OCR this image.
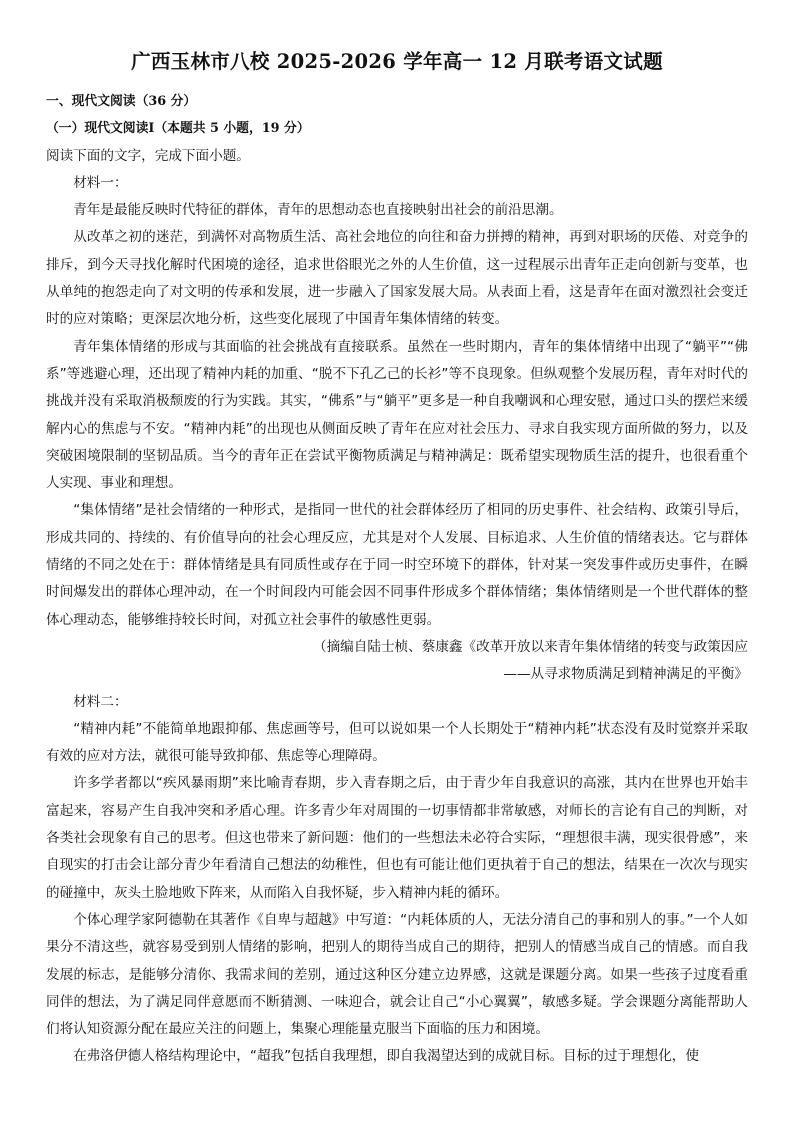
广西玉林市八校 2025-2026 学年高一 12 月联考语文试题
一、现代文阅读（36 分）
（一）现代文阅读Ⅰ（本题共 5 小题，19 分）

阅读下面的文字，完成下面小题。

材料一：

青年是最能反映时代特征的群体，青年的思想动态也直接映射出社会的前沿思潮。

从改革之初的迷茫，到满怀对高物质生活、高社会地位的向往和奋力拼搏的精神，再到对职场的厌倦、对竞争的排斥，到今天寻找化解时代困境的途径，追求世俗眼光之外的人生价值，这一过程展示出青年正走向创新与变革，也从单纯的抱怨走向了对文明的传承和发展，进一步融入了国家发展大局。从表面上看，这是青年在面对激烈社会变迁时的应对策略；更深层次地分析，这些变化展现了中国青年集体情绪的转变。

青年集体情绪的形成与其面临的社会挑战有直接联系。虽然在一些时期内，青年的集体情绪中出现了“躺平”“佛系”等逃避心理，还出现了精神内耗的加重、“脱不下孔乙己的长衫”等不良现象。但纵观整个发展历程，青年对时代的挑战并没有采取消极颓废的行为实践。其实，“佛系”与“躺平”更多是一种自我嘲讽和心理安慰，通过口头的摆烂来缓解内心的焦虑与不安。“精神内耗”的出现也从侧面反映了青年在应对社会压力、寻求自我实现方面所做的努力，以及突破困境限制的坚韧品质。当今的青年正在尝试平衡物质满足与精神满足：既希望实现物质生活的提升，也很看重个人实现、事业和理想。

“集体情绪”是社会情绪的一种形式，是指同一世代的社会群体经历了相同的历史事件、社会结构、政策引导后，形成共同的、持续的、有价值导向的社会心理反应，尤其是对个人发展、目标追求、人生价值的情绪表达。它与群体情绪的不同之处在于：群体情绪是具有同质性或存在于同一时空环境下的群体，针对某一突发事件或历史事件，在瞬时间爆发出的群体心理冲动，在一个时间段内可能会因不同事件形成多个群体情绪；集体情绪则是一个世代群体的整体心理动态，能够维持较长时间，对孤立社会事件的敏感性更弱。

（摘编自陆士桢、蔡康鑫《改革开放以来青年集体情绪的转变与政策因应

——从寻求物质满足到精神满足的平衡》

材料二：

“精神内耗”不能简单地跟抑郁、焦虑画等号，但可以说如果一个人长期处于“精神内耗”状态没有及时觉察并采取有效的应对方法，就很可能导致抑郁、焦虑等心理障碍。

许多学者都以“疾风暴雨期”来比喻青春期，步入青春期之后，由于青少年自我意识的高涨，其内在世界也开始丰富起来，容易产生自我冲突和矛盾心理。许多青少年对周围的一切事情都非常敏感，对师长的言论有自己的判断，对各类社会现象有自己的思考。但这也带来了新问题：他们的一些想法未必符合实际，“理想很丰满，现实很骨感”，来自现实的打击会让部分青少年看清自己想法的幼稚性，但也有可能让他们更执着于自己的想法，结果在一次次与现实的碰撞中，灰头土脸地败下阵来，从而陷入自我怀疑，步入精神内耗的循环。

个体心理学家阿德勒在其著作《自卑与超越》中写道：“内耗体质的人，无法分清自己的事和别人的事。”一个人如果分不清这些，就容易受到别人情绪的影响，把别人的期待当成自己的期待，把别人的情感当成自己的情感。而自我发展的标志，是能够分清你、我需求间的差别，通过这种区分建立边界感，这就是课题分离。如果一些孩子过度看重同伴的想法，为了满足同伴意愿而不断猜测、一味迎合，就会让自己“小心翼翼”，敏感多疑。学会课题分离能帮助人们将认知资源分配在最应关注的问题上，集聚心理能量克服当下面临的压力和困境。

在弗洛伊德人格结构理论中，“超我”包括自我理想，即自我渴望达到的成就目标。目标的过于理想化，使
